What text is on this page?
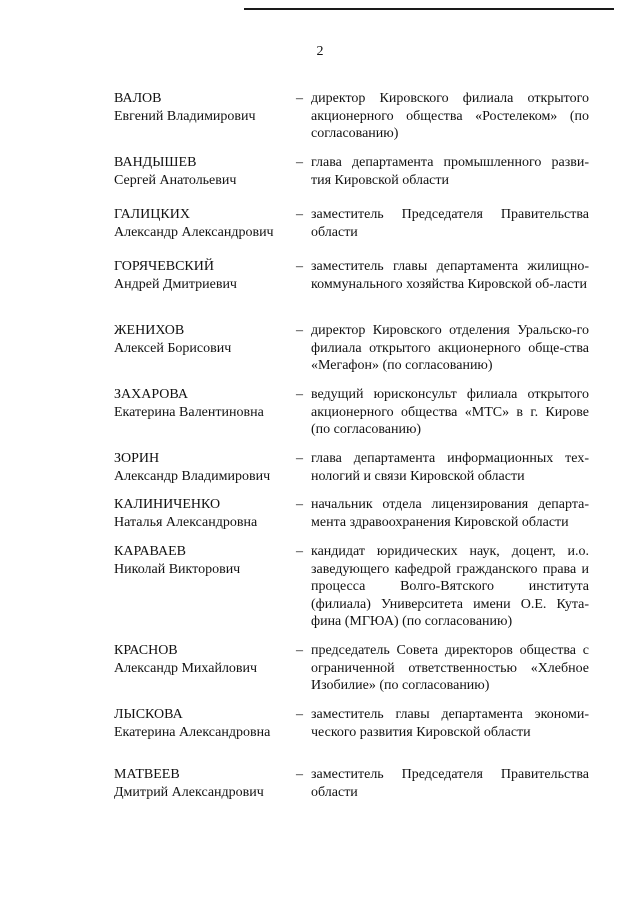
2
ВАЛОВ
Евгений Владимирович
– директор Кировского филиала открытого акционерного общества «Ростелеком» (по согласованию)
ВАНДЫШЕВ
Сергей Анатольевич
– глава департамента промышленного разви-тия Кировской области
ГАЛИЦКИХ
Александр Александрович
– заместитель Председателя Правительства области
ГОРЯЧЕВСКИЙ
Андрей Дмитриевич
– заместитель главы департамента жилищно-коммунального хозяйства Кировской об-ласти
ЖЕНИХОВ
Алексей Борисович
– директор Кировского отделения Уральско-го филиала открытого акционерного обще-ства «Мегафон» (по согласованию)
ЗАХАРОВА
Екатерина Валентиновна
– ведущий юрисконсульт филиала открытого акционерного общества «МТС» в г. Кирове (по согласованию)
ЗОРИН
Александр Владимирович
– глава департамента информационных тех-нологий и связи Кировской области
КАЛИНИЧЕНКО
Наталья Александровна
– начальник отдела лицензирования департа-мента здравоохранения Кировской области
КАРАВАЕВ
Николай Викторович
– кандидат юридических наук, доцент, и.о. заведующего кафедрой гражданского права и процесса Волго-Вятского института (филиала) Университета имени О.Е. Кута-фина (МГЮА) (по согласованию)
КРАСНОВ
Александр Михайлович
– председатель Совета директоров общества с ограниченной ответственностью «Хлебное Изобилие» (по согласованию)
ЛЫСКОВА
Екатерина Александровна
– заместитель главы департамента экономи-ческого развития Кировской области
МАТВЕЕВ
Дмитрий Александрович
– заместитель Председателя Правительства области
